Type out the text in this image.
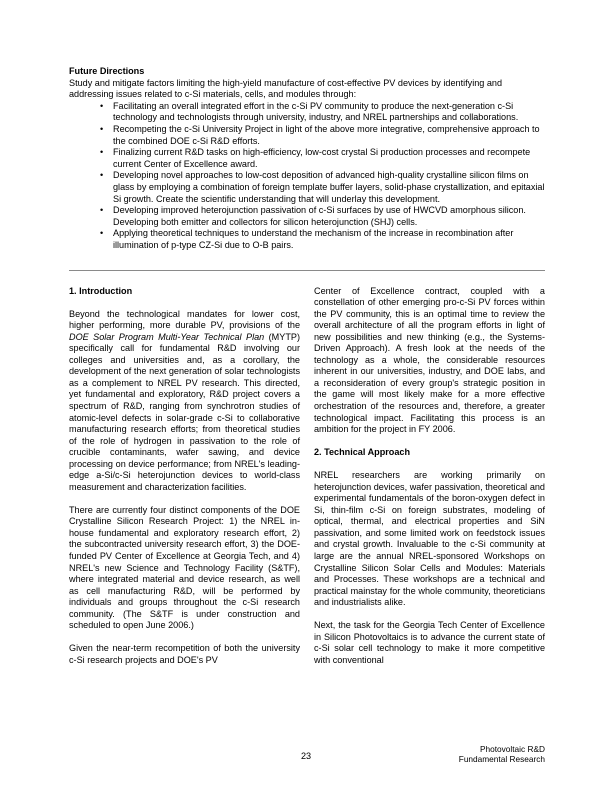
Future Directions

Study and mitigate factors limiting the high-yield manufacture of cost-effective PV devices by identifying and addressing issues related to c-Si materials, cells, and modules through:

• Facilitating an overall integrated effort in the c-Si PV community to produce the next-generation c-Si technology and technologists through university, industry, and NREL partnerships and collaborations.
• Recompeting the c-Si University Project in light of the above more integrative, comprehensive approach to the combined DOE c-Si R&D efforts.
• Finalizing current R&D tasks on high-efficiency, low-cost crystal Si production processes and recompete current Center of Excellence award.
• Developing novel approaches to low-cost deposition of advanced high-quality crystalline silicon films on glass by employing a combination of foreign template buffer layers, solid-phase crystallization, and epitaxial Si growth. Create the scientific understanding that will underlay this development.
• Developing improved heterojunction passivation of c-Si surfaces by use of HWCVD amorphous silicon. Developing both emitter and collectors for silicon heterojunction (SHJ) cells.
• Applying theoretical techniques to understand the mechanism of the increase in recombination after illumination of p-type CZ-Si due to O-B pairs.
1. Introduction

Beyond the technological mandates for lower cost, higher performing, more durable PV, provisions of the DOE Solar Program Multi-Year Technical Plan (MYTP) specifically call for fundamental R&D involving our colleges and universities and, as a corollary, the development of the next generation of solar technologists as a complement to NREL PV research. This directed, yet fundamental and exploratory, R&D project covers a spectrum of R&D, ranging from synchrotron studies of atomic-level defects in solar-grade c-Si to collaborative manufacturing research efforts; from theoretical studies of the role of hydrogen in passivation to the role of crucible contaminants, wafer sawing, and device processing on device performance; from NREL's leading-edge a-Si/c-Si heterojunction devices to world-class measurement and characterization facilities.

There are currently four distinct components of the DOE Crystalline Silicon Research Project: 1) the NREL in-house fundamental and exploratory research effort, 2) the subcontracted university research effort, 3) the DOE-funded PV Center of Excellence at Georgia Tech, and 4) NREL's new Science and Technology Facility (S&TF), where integrated material and device research, as well as cell manufacturing R&D, will be performed by individuals and groups throughout the c-Si research community. (The S&TF is under construction and scheduled to open June 2006.)

Given the near-term recompetition of both the university c-Si research projects and DOE's PV

Center of Excellence contract, coupled with a constellation of other emerging pro-c-Si PV forces within the PV community, this is an optimal time to review the overall architecture of all the program efforts in light of new possibilities and new thinking (e.g., the Systems-Driven Approach). A fresh look at the needs of the technology as a whole, the considerable resources inherent in our universities, industry, and DOE labs, and a reconsideration of every group's strategic position in the game will most likely make for a more effective orchestration of the resources and, therefore, a greater technological impact. Facilitating this process is an ambition for the project in FY 2006.

2. Technical Approach

NREL researchers are working primarily on heterojunction devices, wafer passivation, theoretical and experimental fundamentals of the boron-oxygen defect in Si, thin-film c-Si on foreign substrates, modeling of optical, thermal, and electrical properties and SiN passivation, and some limited work on feedstock issues and crystal growth. Invaluable to the c-Si community at large are the annual NREL-sponsored Workshops on Crystalline Silicon Solar Cells and Modules: Materials and Processes. These workshops are a technical and practical mainstay for the whole community, theoreticians and industrialists alike.

Next, the task for the Georgia Tech Center of Excellence in Silicon Photovoltaics is to advance the current state of c-Si solar cell technology to make it more competitive with conventional

23
Photovoltaic R&D
Fundamental Research
